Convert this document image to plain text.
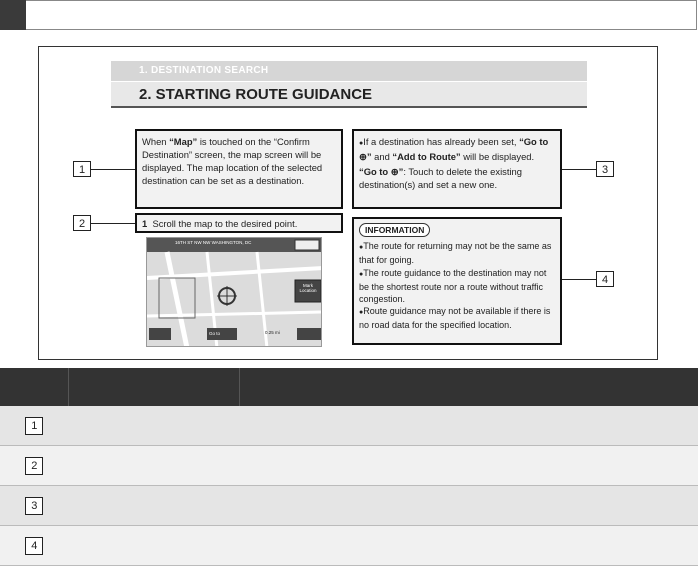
1. DESTINATION SEARCH
2. STARTING ROUTE GUIDANCE
When “Map” is touched on the “Confirm Destination” screen, the map screen will be displayed. The map location of the selected destination can be set as a destination.
1
1 Scroll the map to the desired point.
2
16TH ST NW NW WASHINGTON, DC
Mark Location
Go to	0.25 mi
● If a destination has already been set, “Go to ⊕” and “Add to Route” will be displayed.
“Go to ⊕”: Touch to delete the existing destination(s) and set a new one.
3
INFORMATION
● The route for returning may not be the same as that for going.
● The route guidance to the destination may not be the shortest route nor a route without traffic congestion.
● Route guidance may not be available if there is no road data for the specified location.
4

1		
2		
3		
4		
